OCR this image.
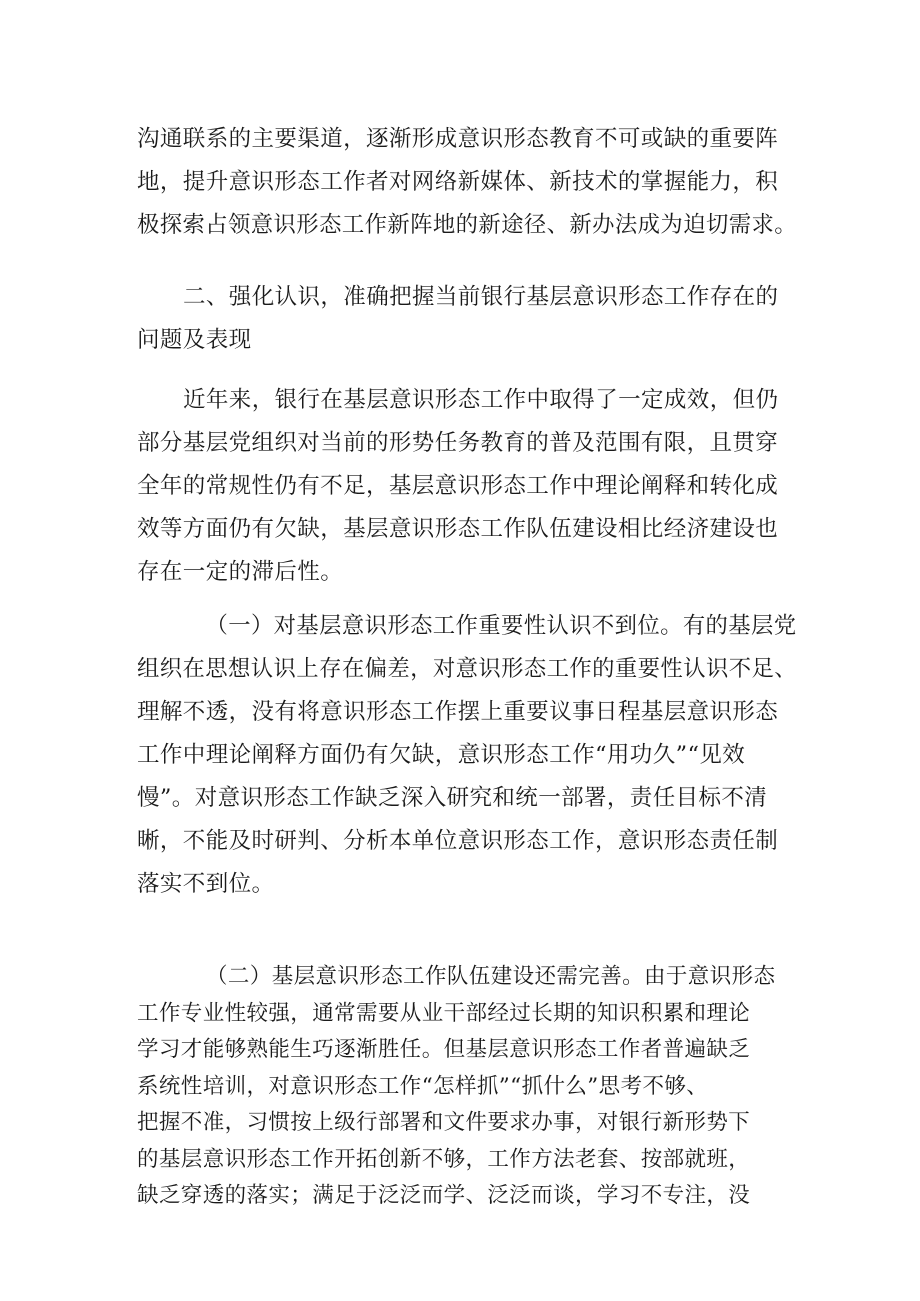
沟通联系的主要渠道，逐渐形成意识形态教育不可或缺的重要阵
地，提升意识形态工作者对网络新媒体、新技术的掌握能力，积
极探索占领意识形态工作新阵地的新途径、新办法成为迫切需求。
二、强化认识，准确把握当前银行基层意识形态工作存在的
问题及表现
近年来，银行在基层意识形态工作中取得了一定成效，但仍
部分基层党组织对当前的形势任务教育的普及范围有限，且贯穿
全年的常规性仍有不足，基层意识形态工作中理论阐释和转化成
效等方面仍有欠缺，基层意识形态工作队伍建设相比经济建设也
存在一定的滞后性。
（一）对基层意识形态工作重要性认识不到位。有的基层党
组织在思想认识上存在偏差，对意识形态工作的重要性认识不足、
理解不透，没有将意识形态工作摆上重要议事日程基层意识形态
工作中理论阐释方面仍有欠缺，意识形态工作“用功久”“见效
慢”。对意识形态工作缺乏深入研究和统一部署，责任目标不清
晰，不能及时研判、分析本单位意识形态工作，意识形态责任制
落实不到位。
（二）基层意识形态工作队伍建设还需完善。由于意识形态
工作专业性较强，通常需要从业干部经过长期的知识积累和理论
学习才能够熟能生巧逐渐胜任。但基层意识形态工作者普遍缺乏
系统性培训，对意识形态工作“怎样抓”“抓什么”思考不够、
把握不准，习惯按上级行部署和文件要求办事，对银行新形势下
的基层意识形态工作开拓创新不够，工作方法老套、按部就班，
缺乏穿透的落实；满足于泛泛而学、泛泛而谈，学习不专注，没
